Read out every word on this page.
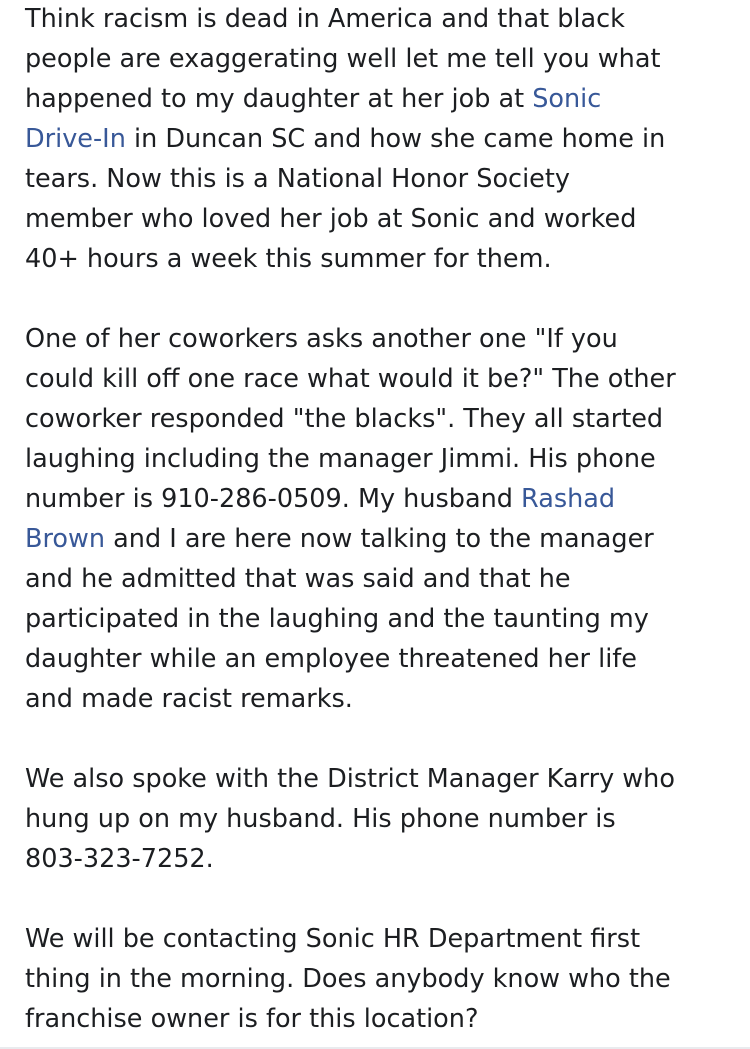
Think racism is dead in America and that black
people are exaggerating well let me tell you what
happened to my daughter at her job at Sonic
Drive-In in Duncan SC and how she came home in
tears. Now this is a National Honor Society
member who loved her job at Sonic and worked
40+ hours a week this summer for them.

One of her coworkers asks another one "If you
could kill off one race what would it be?" The other
coworker responded "the blacks". They all started
laughing including the manager Jimmi. His phone
number is 910-286-0509. My husband Rashad
Brown and I are here now talking to the manager
and he admitted that was said and that he
participated in the laughing and the taunting my
daughter while an employee threatened her life
and made racist remarks.

We also spoke with the District Manager Karry who
hung up on my husband. His phone number is
803-323-7252.

We will be contacting Sonic HR Department first
thing in the morning. Does anybody know who the
franchise owner is for this location?
